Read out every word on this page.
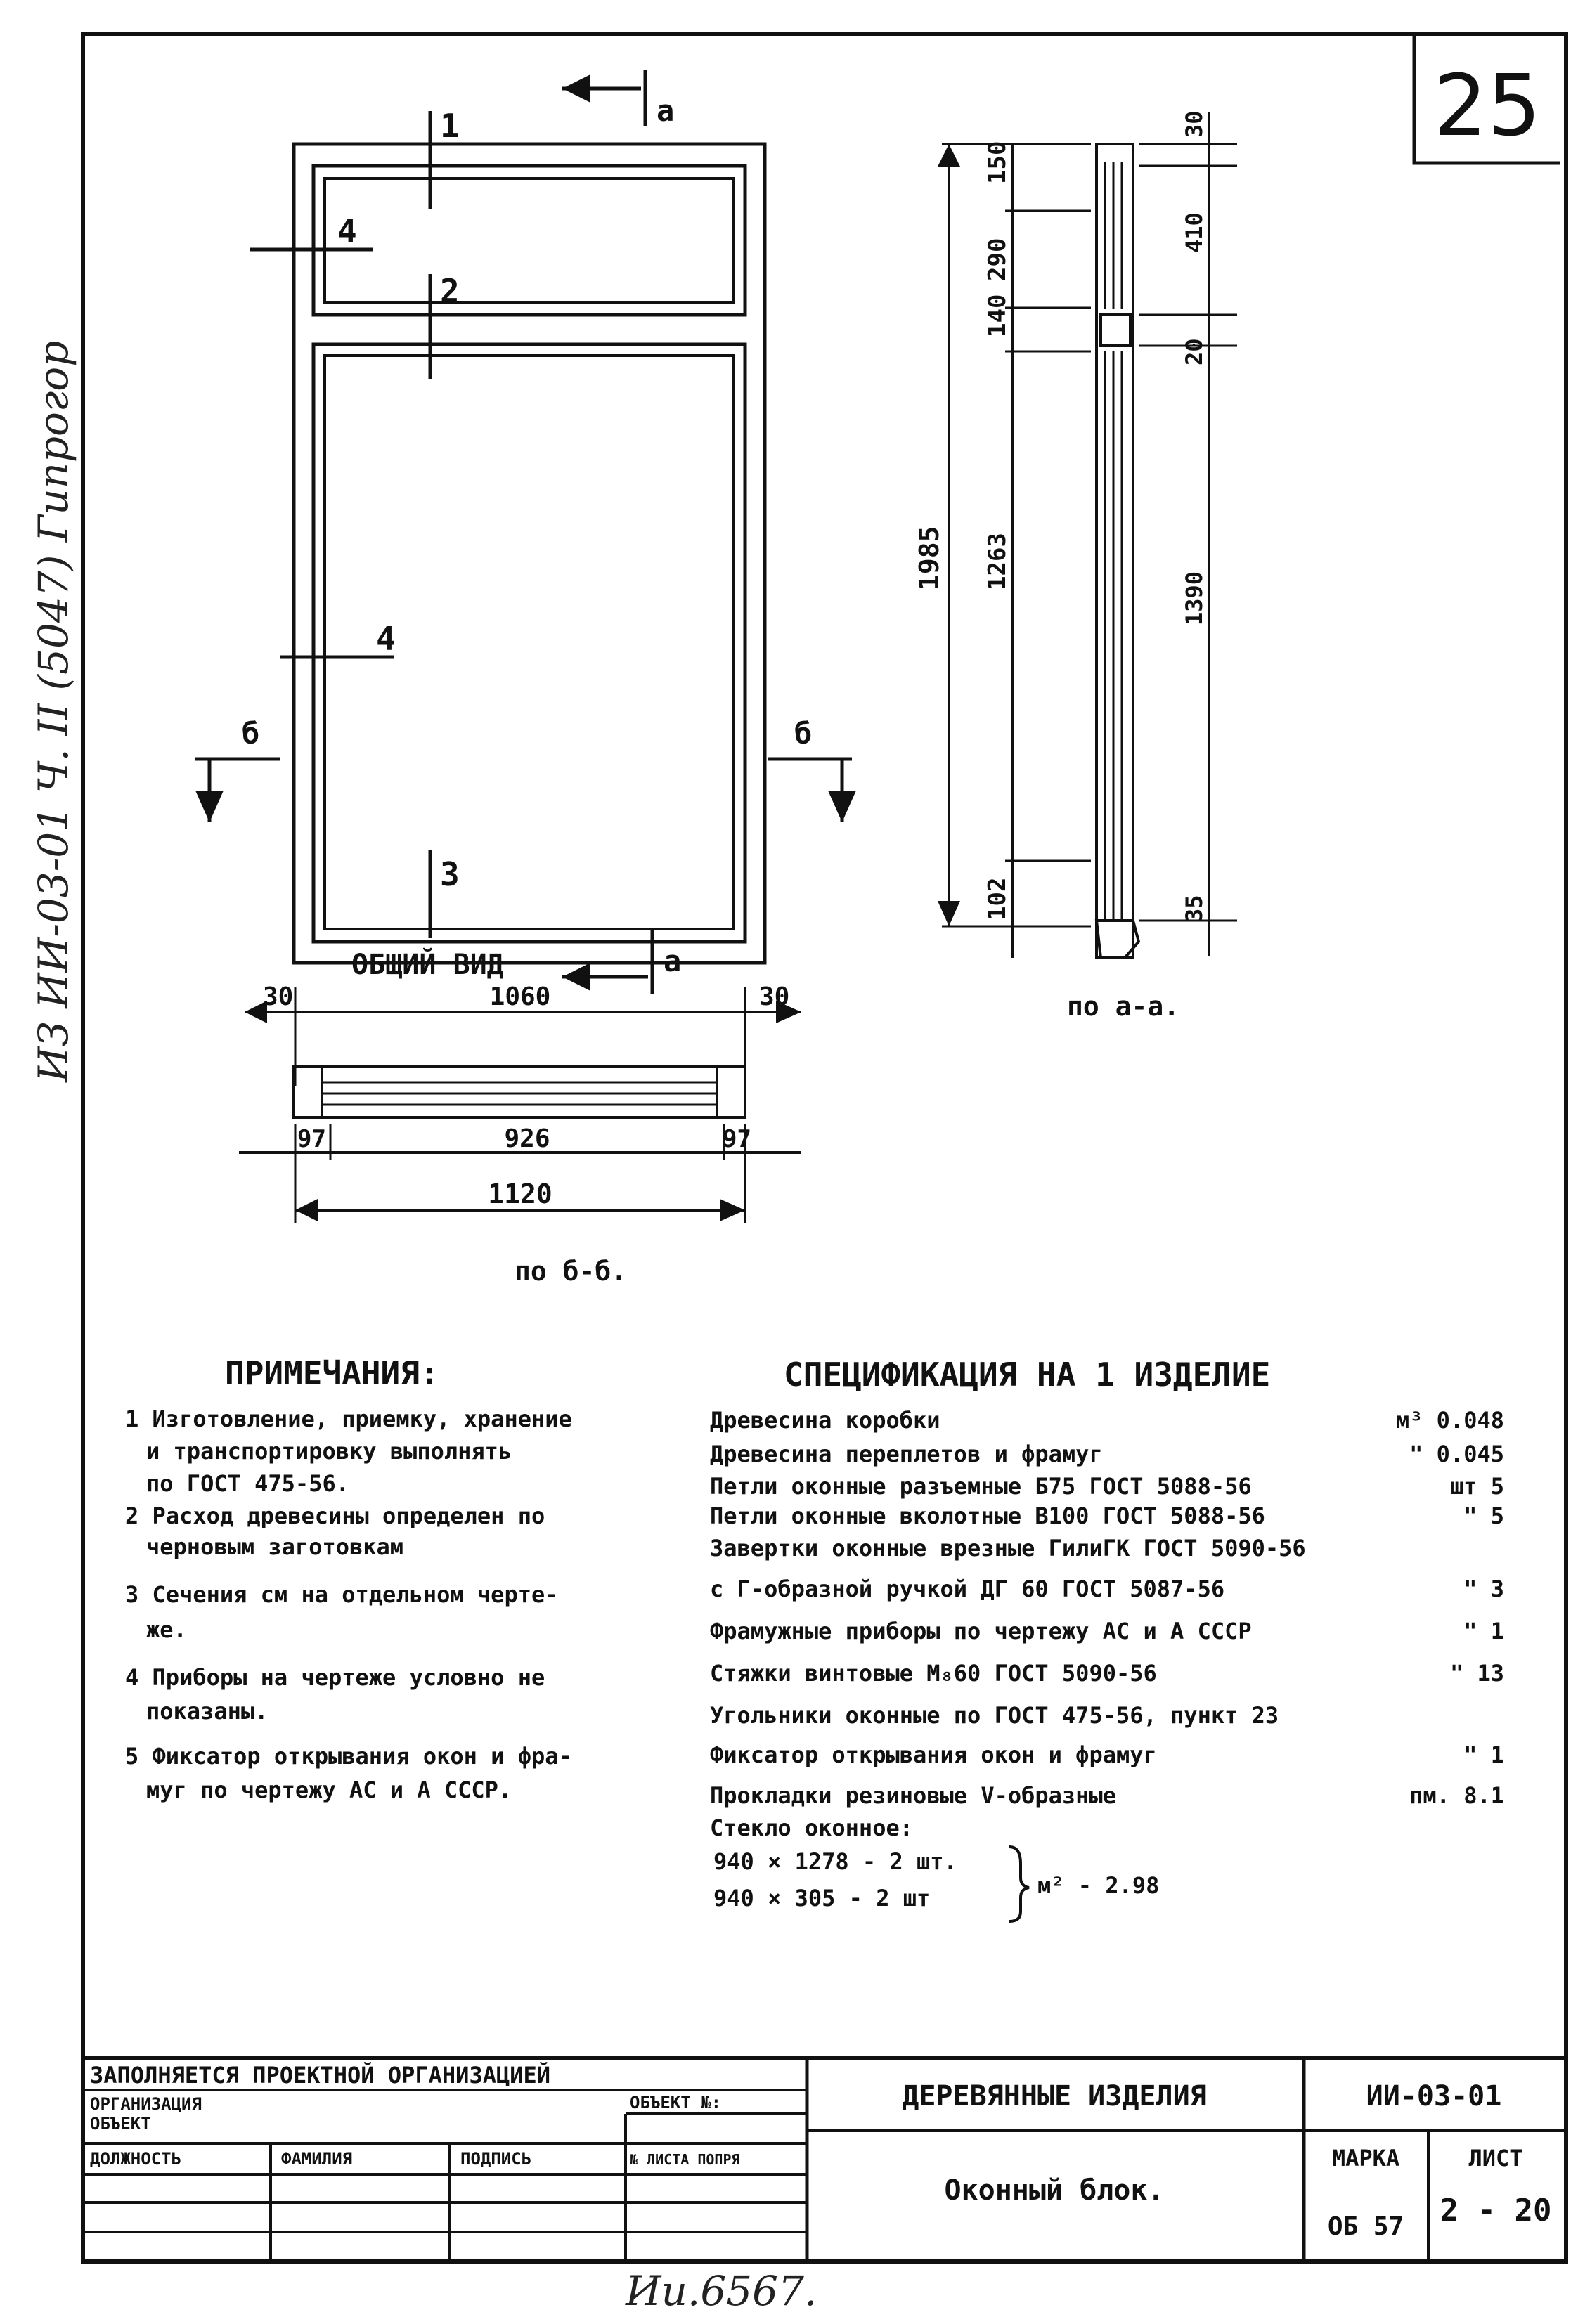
25
ИЗ ИИ-03-01 Ч. II (5047) Гипрогор
1
2
3
4
4
а
а
б	б
ОБЩИЙ ВИД
1985
150
290
140
1263
102
30
410
20
1390
35
по а-а.
30	1060	30
97	926	97
1120
по б-б.
ПРИМЕЧАНИЯ:
1 Изготовление, приемку, хранение
и транспортировку выполнять
по ГОСТ 475-56.
2 Расход древесины определен по
черновым заготовкам
3 Сечения см на отдельном черте-
же.
4 Приборы на чертеже условно не
показаны.
5 Фиксатор открывания окон и фра-
муг по чертежу АС и А СССР.
СПЕЦИФИКАЦИЯ НА 1 ИЗДЕЛИЕ
Древесина коробки	м³ 0.048
Древесина переплетов и фрамуг	" 0.045
Петли оконные разъемные Б75 ГОСТ 5088-56	шт 5
Петли оконные вколотные В100 ГОСТ 5088-56	" 5
Завертки оконные врезные ГилиГК ГОСТ 5090-56
с Г-образной ручкой ДГ 60 ГОСТ 5087-56	" 3
Фрамужные приборы по чертежу АС и А СССР	" 1
Стяжки винтовые М₈60 ГОСТ 5090-56	" 13
Угольники оконные по ГОСТ 475-56, пункт 23
Фиксатор открывания окон и фрамуг	" 1
Прокладки резиновые V-образные	пм. 8.1
Стекло оконное:
940 × 1278 - 2 шт.
940 × 305 - 2 шт	м² - 2.98
ЗАПОЛНЯЕТСЯ ПРОЕКТНОЙ ОРГАНИЗАЦИЕЙ
ОРГАНИЗАЦИЯ
ОБЪЕКТ
ОБЪЕКТ №:
ДОЛЖНОСТЬ	ФАМИЛИЯ	ПОДПИСЬ	№ ЛИСТА ПОПРЯ
ДЕРЕВЯННЫЕ ИЗДЕЛИЯ	ИИ-03-01
Оконный блок.
МАРКА
ОБ 57
ЛИСТ
2 - 20
Ии.6567.
